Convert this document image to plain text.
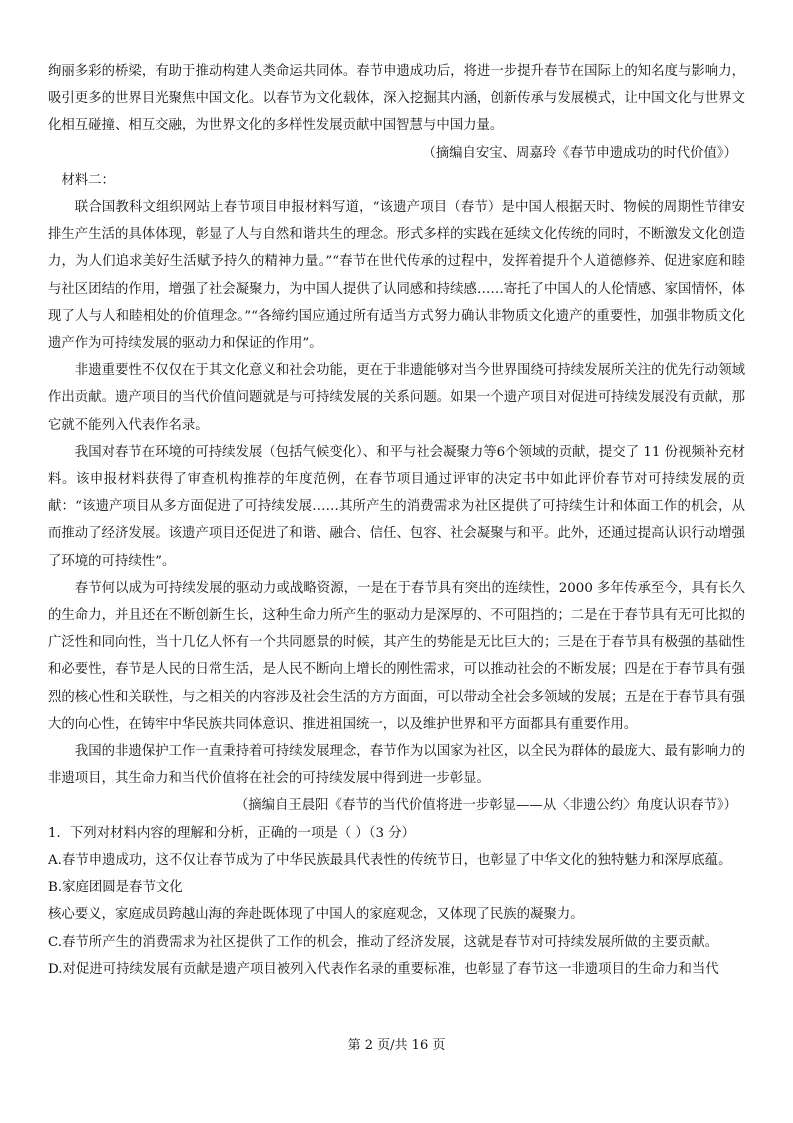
绚丽多彩的桥梁，有助于推动构建人类命运共同体。春节申遗成功后，将进一步提升春节在国际上的知名度与影响力，吸引更多的世界目光聚焦中国文化。以春节为文化载体，深入挖掘其内涵，创新传承与发展模式，让中国文化与世界文化相互碰撞、相互交融，为世界文化的多样性发展贡献中国智慧与中国力量。

（摘编自安宝、周嘉玲《春节申遗成功的时代价值》）

材料二：

联合国教科文组织网站上春节项目申报材料写道，“该遗产项目（春节）是中国人根据天时、物候的周期性节律安排生产生活的具体体现，彰显了人与自然和谐共生的理念。形式多样的实践在延续文化传统的同时，不断激发文化创造力，为人们追求美好生活赋予持久的精神力量。”“春节在世代传承的过程中，发挥着提升个人道德修养、促进家庭和睦与社区团结的作用，增强了社会凝聚力，为中国人提供了认同感和持续感……寄托了中国人的人伦情感、家国情怀，体现了人与人和睦相处的价值理念。”“各缔约国应通过所有适当方式努力确认非物质文化遗产的重要性，加强非物质文化遗产作为可持续发展的驱动力和保证的作用”。

非遗重要性不仅仅在于其文化意义和社会功能，更在于非遗能够对当今世界围绕可持续发展所关注的优先行动领域作出贡献。遗产项目的当代价值问题就是与可持续发展的关系问题。如果一个遗产项目对促进可持续发展没有贡献，那它就不能列入代表作名录。

我国对春节在环境的可持续发展（包括气候变化）、和平与社会凝聚力等6个领域的贡献，提交了 11 份视频补充材料。该申报材料获得了审查机构推荐的年度范例，在春节项目通过评审的决定书中如此评价春节对可持续发展的贡献：“该遗产项目从多方面促进了可持续发展……其所产生的消费需求为社区提供了可持续生计和体面工作的机会，从而推动了经济发展。该遗产项目还促进了和谐、融合、信任、包容、社会凝聚与和平。此外，还通过提高认识行动增强了环境的可持续性”。

春节何以成为可持续发展的驱动力或战略资源，一是在于春节具有突出的连续性，2000 多年传承至今，具有长久的生命力，并且还在不断创新生长，这种生命力所产生的驱动力是深厚的、不可阻挡的；二是在于春节具有无可比拟的广泛性和同向性，当十几亿人怀有一个共同愿景的时候，其产生的势能是无比巨大的；三是在于春节具有极强的基础性和必要性，春节是人民的日常生活，是人民不断向上增长的刚性需求，可以推动社会的不断发展；四是在于春节具有强烈的核心性和关联性，与之相关的内容涉及社会生活的方方面面，可以带动全社会多领域的发展；五是在于春节具有强大的向心性，在铸牢中华民族共同体意识、推进祖国统一，以及维护世界和平方面都具有重要作用。

我国的非遗保护工作一直秉持着可持续发展理念，春节作为以国家为社区，以全民为群体的最庞大、最有影响力的非遗项目，其生命力和当代价值将在社会的可持续发展中得到进一步彰显。

（摘编自王晨阳《春节的当代价值将进一步彰显——从〈非遗公约〉角度认识春节》）

1．下列对材料内容的理解和分析，正确的一项是（ ）（3 分）

A.春节申遗成功，这不仅让春节成为了中华民族最具代表性的传统节日，也彰显了中华文化的独特魅力和深厚底蕴。

B.家庭团圆是春节文化

核心要义，家庭成员跨越山海的奔赴既体现了中国人的家庭观念，又体现了民族的凝聚力。

C.春节所产生的消费需求为社区提供了工作的机会，推动了经济发展，这就是春节对可持续发展所做的主要贡献。

D.对促进可持续发展有贡献是遗产项目被列入代表作名录的重要标准，也彰显了春节这一非遗项目的生命力和当代

第 2 页/共 16 页
